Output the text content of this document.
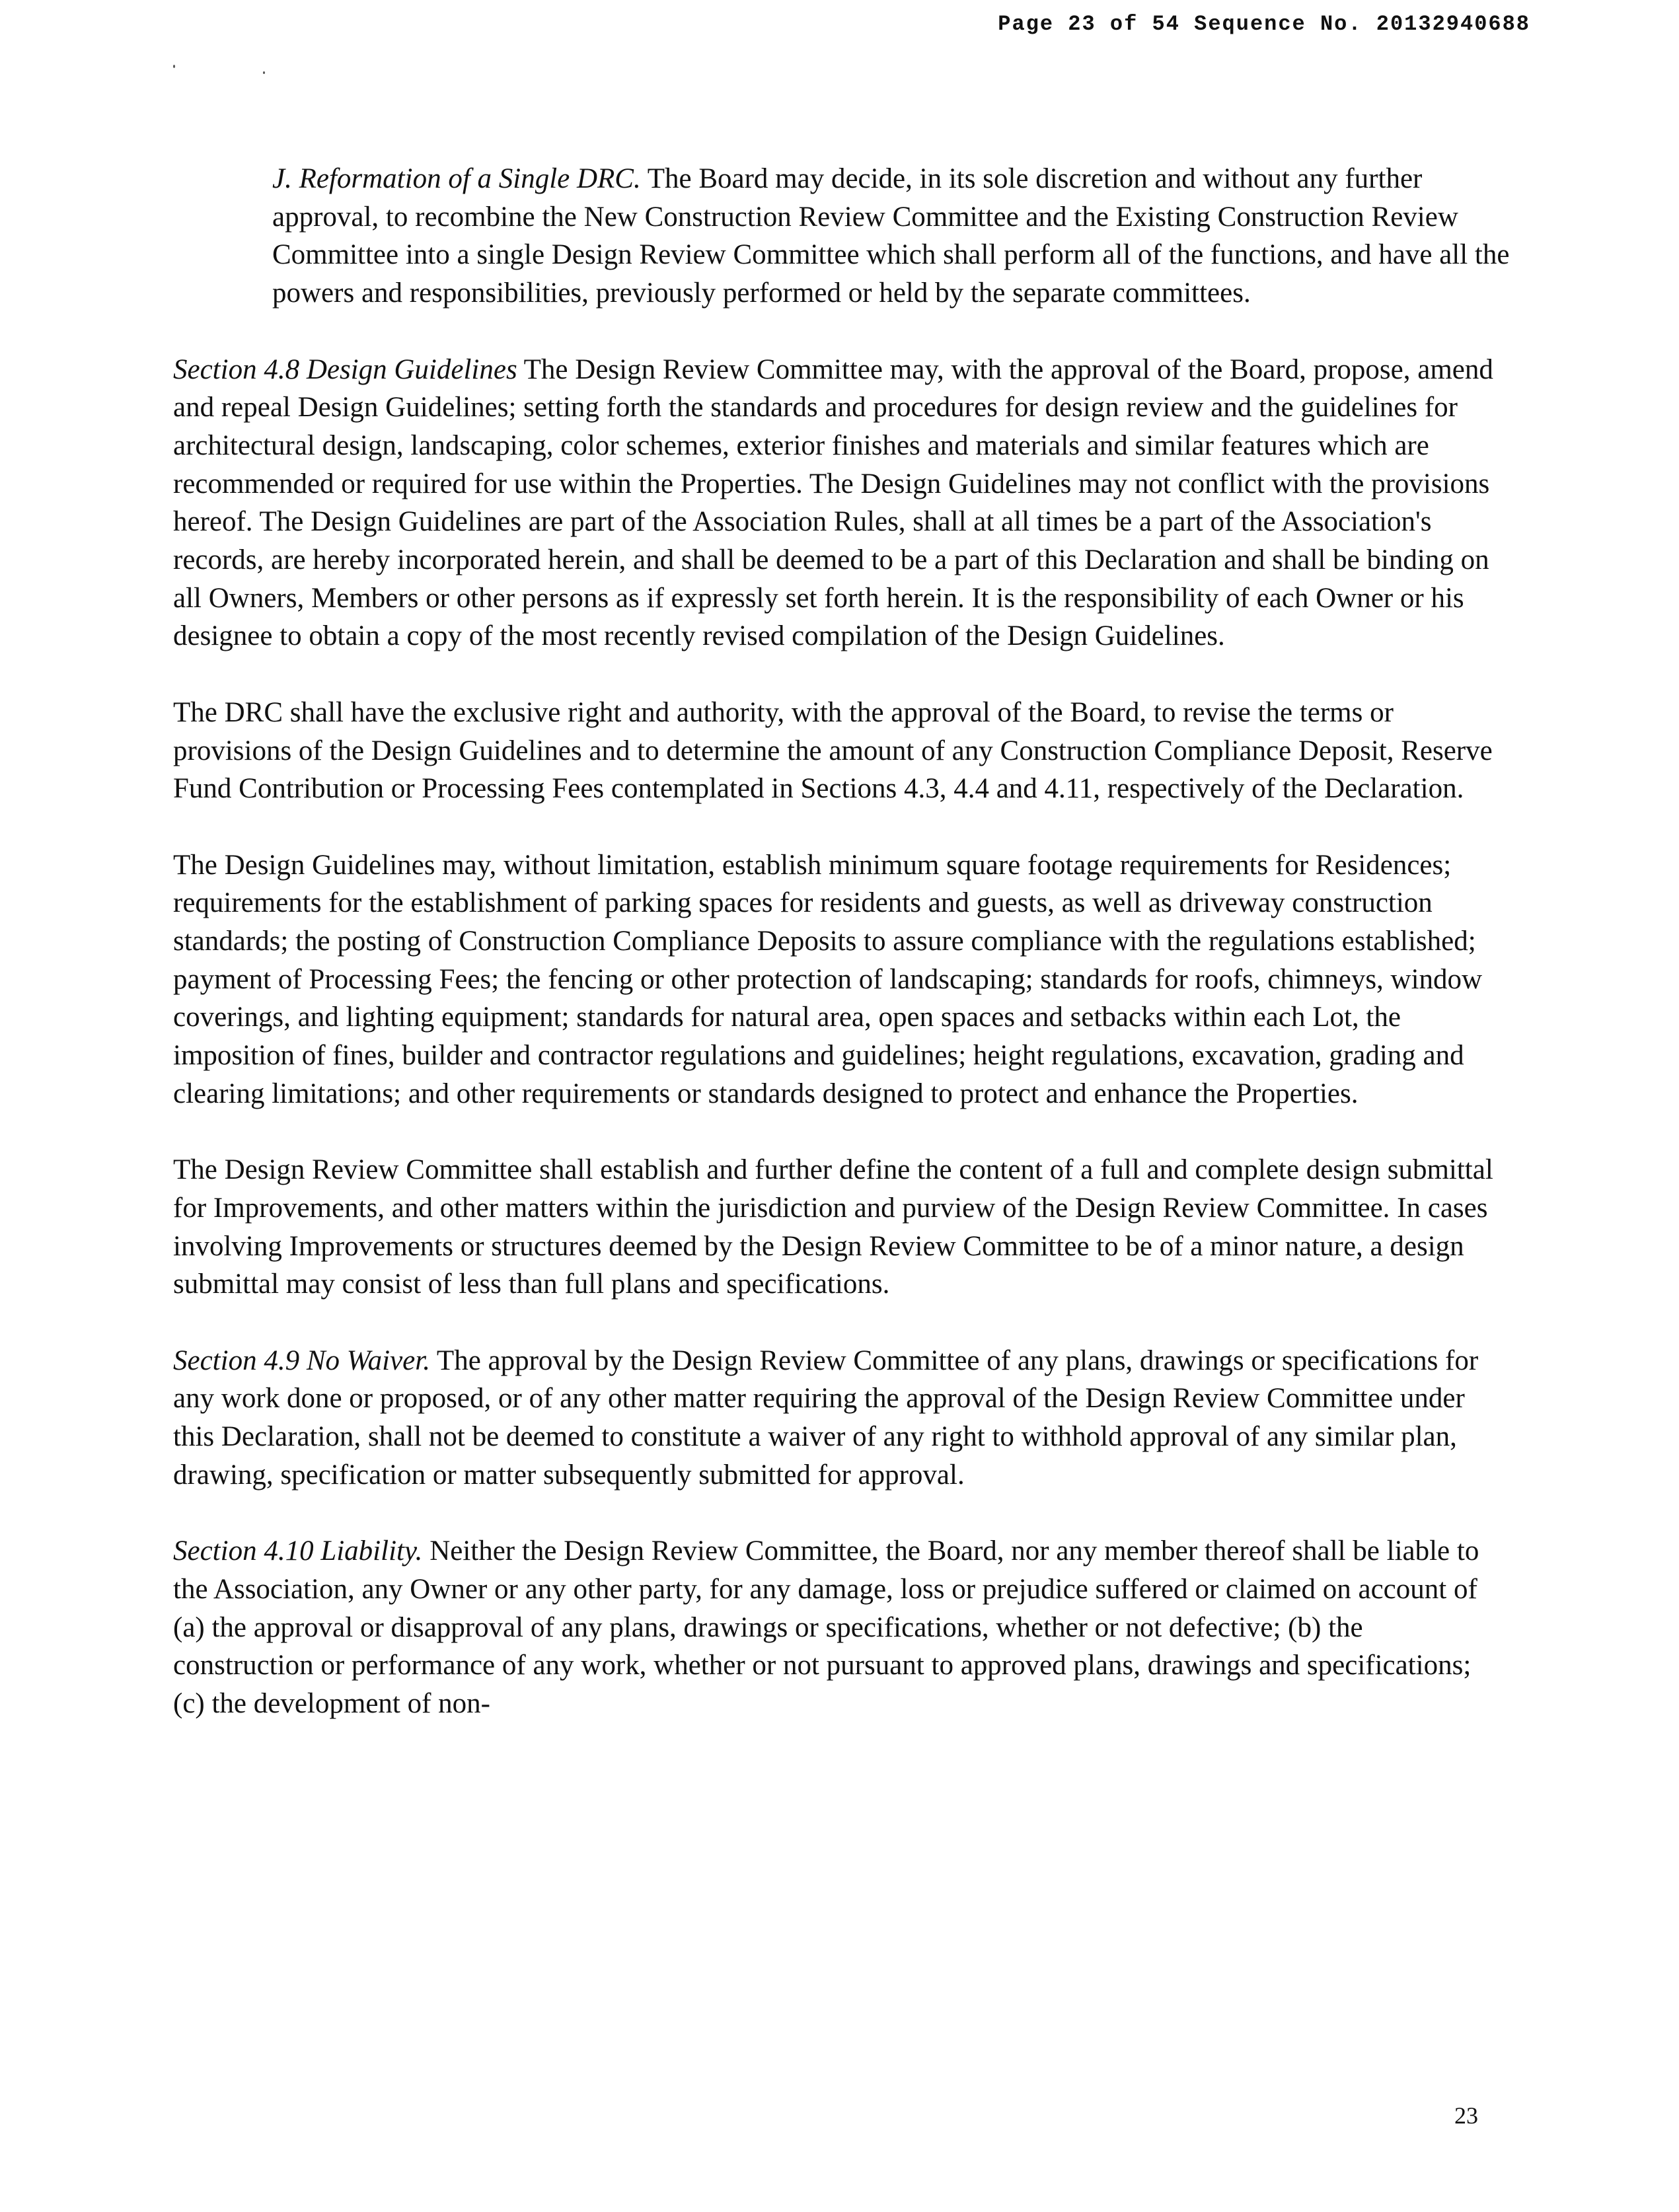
Page 23 of 54 Sequence No. 20132940688

J. Reformation of a Single DRC. The Board may decide, in its sole discretion and without any further approval, to recombine the New Construction Review Committee and the Existing Construction Review Committee into a single Design Review Committee which shall perform all of the functions, and have all the powers and responsibilities, previously performed or held by the separate committees.

Section 4.8 Design Guidelines The Design Review Committee may, with the approval of the Board, propose, amend and repeal Design Guidelines; setting forth the standards and procedures for design review and the guidelines for architectural design, landscaping, color schemes, exterior finishes and materials and similar features which are recommended or required for use within the Properties. The Design Guidelines may not conflict with the provisions hereof. The Design Guidelines are part of the Association Rules, shall at all times be a part of the Association's records, are hereby incorporated herein, and shall be deemed to be a part of this Declaration and shall be binding on all Owners, Members or other persons as if expressly set forth herein. It is the responsibility of each Owner or his designee to obtain a copy of the most recently revised compilation of the Design Guidelines.

The DRC shall have the exclusive right and authority, with the approval of the Board, to revise the terms or provisions of the Design Guidelines and to determine the amount of any Construction Compliance Deposit, Reserve Fund Contribution or Processing Fees contemplated in Sections 4.3, 4.4 and 4.11, respectively of the Declaration.

The Design Guidelines may, without limitation, establish minimum square footage requirements for Residences; requirements for the establishment of parking spaces for residents and guests, as well as driveway construction standards; the posting of Construction Compliance Deposits to assure compliance with the regulations established; payment of Processing Fees; the fencing or other protection of landscaping; standards for roofs, chimneys, window coverings, and lighting equipment; standards for natural area, open spaces and setbacks within each Lot, the imposition of fines, builder and contractor regulations and guidelines; height regulations, excavation, grading and clearing limitations; and other requirements or standards designed to protect and enhance the Properties.

The Design Review Committee shall establish and further define the content of a full and complete design submittal for Improvements, and other matters within the jurisdiction and purview of the Design Review Committee. In cases involving Improvements or structures deemed by the Design Review Committee to be of a minor nature, a design submittal may consist of less than full plans and specifications.

Section 4.9 No Waiver. The approval by the Design Review Committee of any plans, drawings or specifications for any work done or proposed, or of any other matter requiring the approval of the Design Review Committee under this Declaration, shall not be deemed to constitute a waiver of any right to withhold approval of any similar plan, drawing, specification or matter subsequently submitted for approval.

Section 4.10 Liability. Neither the Design Review Committee, the Board, nor any member thereof shall be liable to the Association, any Owner or any other party, for any damage, loss or prejudice suffered or claimed on account of (a) the approval or disapproval of any plans, drawings or specifications, whether or not defective; (b) the construction or performance of any work, whether or not pursuant to approved plans, drawings and specifications; (c) the development of non-

23
